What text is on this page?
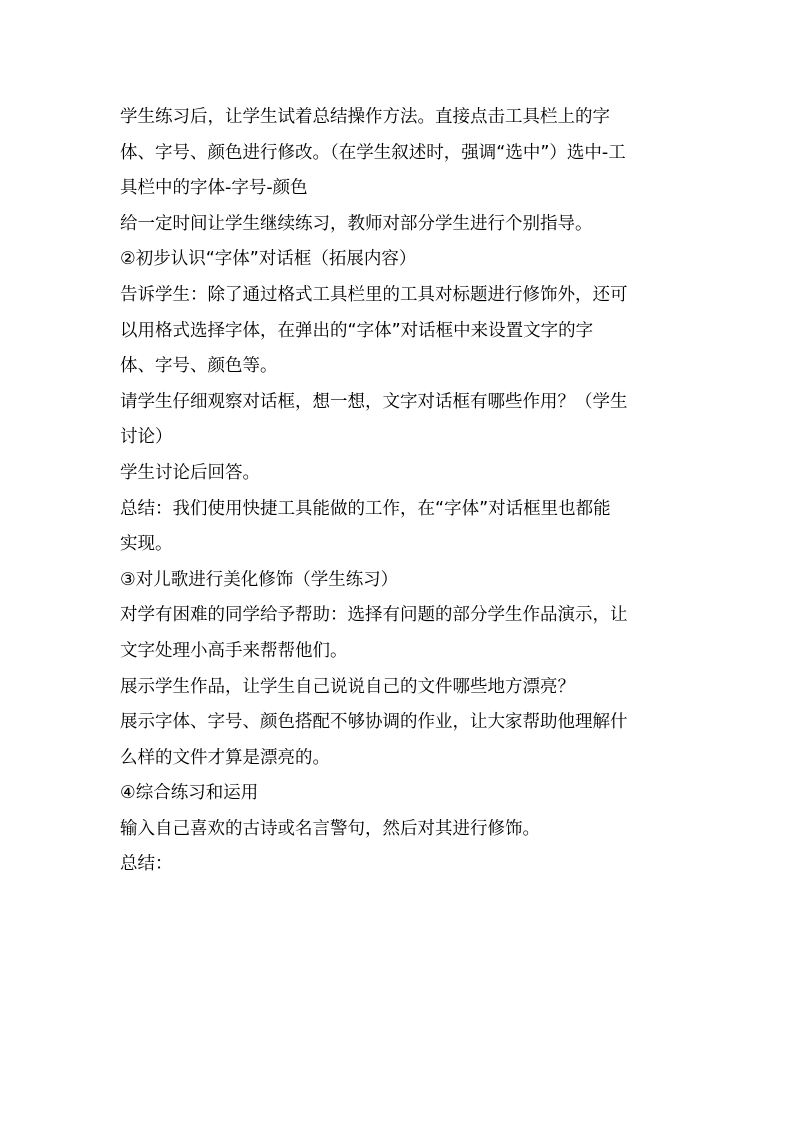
学生练习后，让学生试着总结操作方法。直接点击工具栏上的字

体、字号、颜色进行修改。（在学生叙述时，强调“选中”）选中-工

具栏中的字体-字号-颜色

给一定时间让学生继续练习，教师对部分学生进行个别指导。

②初步认识“字体”对话框（拓展内容）

告诉学生：除了通过格式工具栏里的工具对标题进行修饰外，还可

以用格式选择字体，在弹出的“字体”对话框中来设置文字的字

体、字号、颜色等。

请学生仔细观察对话框，想一想，文字对话框有哪些作用？（学生

讨论）

学生讨论后回答。

总结：我们使用快捷工具能做的工作，在“字体”对话框里也都能

实现。

③对儿歌进行美化修饰（学生练习）

对学有困难的同学给予帮助：选择有问题的部分学生作品演示，让

文字处理小高手来帮帮他们。

展示学生作品，让学生自己说说自己的文件哪些地方漂亮？

展示字体、字号、颜色搭配不够协调的作业，让大家帮助他理解什

么样的文件才算是漂亮的。

④综合练习和运用

输入自己喜欢的古诗或名言警句，然后对其进行修饰。

总结：
